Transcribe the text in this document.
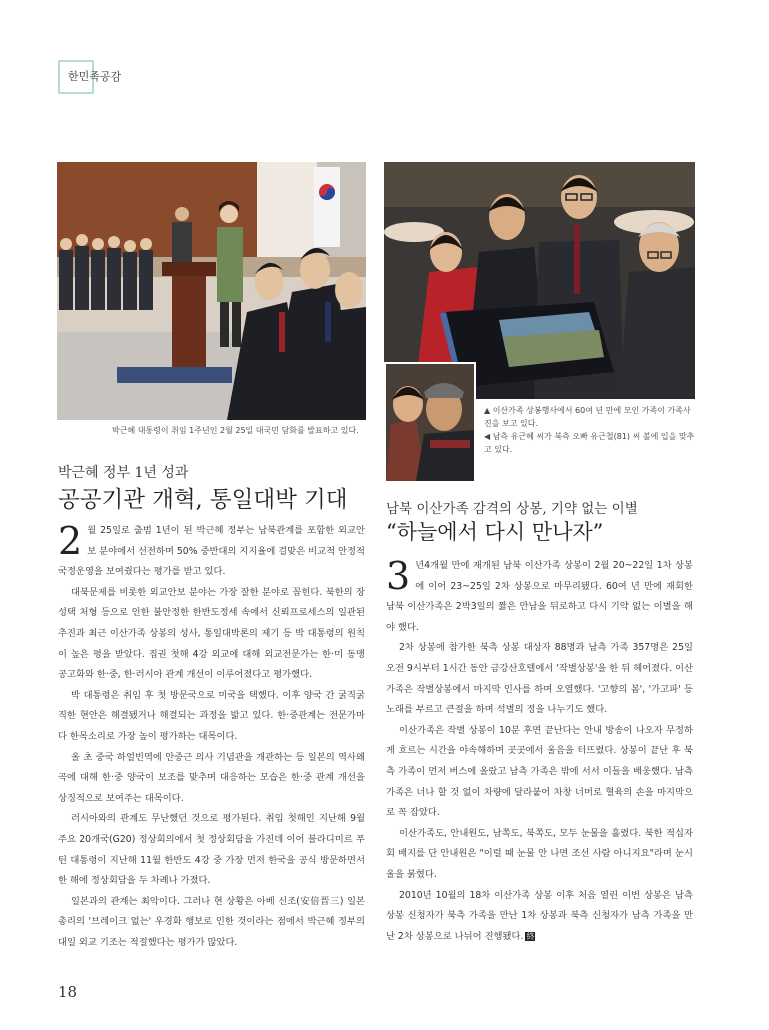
한민족공감
박근혜 대통령이 취임 1주년인 2월 25일 대국민 담화를 발표하고 있다.
▲ 이산가족 상봉행사에서 60여 년 만에 모인 가족이 가족사진을 보고 있다.
◀ 남측 유근혜 씨가 북측 오빠 유근철(81) 씨 볼에 입을 맞추고 있다.
박근혜 정부 1년 성과
공공기관 개혁, 통일대박 기대

2 월 25일로 출범 1년이 된 박근혜 정부는 남북관계를 포함한 외교안보 분야에서 선전하며 50% 중반대의 지지율에 걸맞은 비교적 안정적 국정운영을 보여줬다는 평가를 받고 있다.

대북문제를 비롯한 외교안보 분야는 가장 잘한 분야로 꼽힌다. 북한의 장성택 처형 등으로 인한 불안정한 한반도정세 속에서 신뢰프로세스의 일관된 추진과 최근 이산가족 상봉의 성사, 통일대박론의 제기 등 박 대통령의 원칙이 높은 평을 받았다. 집권 첫해 4강 외교에 대해 외교전문가는 한·미 동맹 공고화와 한·중, 한·러시아 관계 개선이 이루어졌다고 평가했다.

박 대통령은 취임 후 첫 방문국으로 미국을 택했다. 이후 양국 간 굵직굵직한 현안은 해결됐거나 해결되는 과정을 밟고 있다. 한·중관계는 전문가마다 한목소리로 가장 높이 평가하는 대목이다.

올 초 중국 하얼빈역에 안중근 의사 기념관을 개관하는 등 일본의 역사왜곡에 대해 한·중 양국이 보조를 맞추며 대응하는 모습은 한·중 관계 개선을 상징적으로 보여주는 대목이다.

러시아와의 관계도 무난했던 것으로 평가된다. 취임 첫해인 지난해 9월 주요 20개국(G20) 정상회의에서 첫 정상회담을 가진데 이어 블라디미르 푸틴 대통령이 지난해 11월 한반도 4강 중 가장 먼저 한국을 공식 방문하면서 한 해에 정상회담을 두 차례나 가졌다.

일본과의 관계는 최악이다. 그러나 현 상황은 아베 신조(安倍晋三) 일본 총리의 '브레이크 없는' 우경화 행보로 인한 것이라는 점에서 박근혜 정부의 대일 외교 기조는 적절했다는 평가가 많았다.

남북 이산가족 감격의 상봉, 기약 없는 이별
“하늘에서 다시 만나자”

3 년4개월 만에 재개된 남북 이산가족 상봉이 2월 20~22일 1차 상봉에 이어 23~25일 2차 상봉으로 마무리됐다. 60여 년 만에 재회한 남북 이산가족은 2박3일의 짧은 만남을 뒤로하고 다시 기약 없는 이별을 해야 했다.

2차 상봉에 참가한 북측 상봉 대상자 88명과 남측 가족 357명은 25일 오전 9시부터 1시간 동안 금강산호텔에서 '작별상봉'을 한 뒤 헤어졌다. 이산가족은 작별상봉에서 마지막 인사를 하며 오열했다. '고향의 봄', '가고파' 등 노래를 부르고 큰절을 하며 석별의 정을 나누기도 했다.

이산가족은 작별 상봉이 10분 후면 끝난다는 안내 방송이 나오자 무정하게 흐르는 시간을 야속해하며 곳곳에서 울음을 터뜨렸다. 상봉이 끝난 후 북측 가족이 먼저 버스에 올랐고 남측 가족은 밖에 서서 이들을 배웅했다. 남측 가족은 너나 할 것 없이 차량에 달라붙어 차창 너머로 혈육의 손을 마지막으로 꼭 잡았다.

이산가족도, 안내원도, 남쪽도, 북쪽도, 모두 눈물을 흘렸다. 북한 적십자회 배지를 단 안내원은 "이럴 때 눈물 안 나면 조선 사람 아니지요"라며 눈시울을 붉혔다.

2010년 10월의 18차 이산가족 상봉 이후 처음 열린 이번 상봉은 남측 상봉 신청자가 북측 가족을 만난 1차 상봉과 북측 신청자가 남측 가족을 만난 2차 상봉으로 나뉘어 진행됐다. 終

18
